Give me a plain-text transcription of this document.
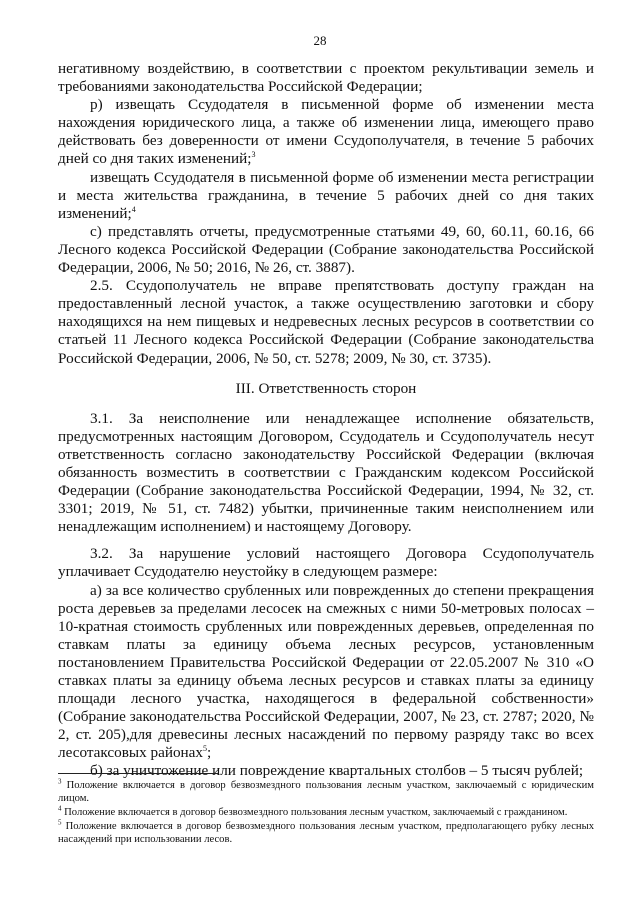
28

негативному воздействию, в соответствии с проектом рекультивации земель и требованиями законодательства Российской Федерации;

р) извещать Ссудодателя в письменной форме об изменении места нахождения юридического лица, а также об изменении лица, имеющего право действовать без доверенности от имени Ссудополучателя, в течение 5 рабочих дней со дня таких изменений;$^3$

извещать Ссудодателя в письменной форме об изменении места регистрации и места жительства гражданина, в течение 5 рабочих дней со дня таких изменений;$^4$

с) представлять отчеты, предусмотренные статьями 49, 60, 60.11, 60.16, 66 Лесного кодекса Российской Федерации (Собрание законодательства Российской Федерации, 2006, № 50; 2016, № 26, ст. 3887).

2.5. Ссудополучатель не вправе препятствовать доступу граждан на предоставленный лесной участок, а также осуществлению заготовки и сбору находящихся на нем пищевых и недревесных лесных ресурсов в соответствии со статьей 11 Лесного кодекса Российской Федерации (Собрание законодательства Российской Федерации, 2006, № 50, ст. 5278; 2009, № 30, ст. 3735).

III. Ответственность сторон

3.1. За неисполнение или ненадлежащее исполнение обязательств, предусмотренных настоящим Договором, Ссудодатель и Ссудополучатель несут ответственность согласно законодательству Российской Федерации (включая обязанность возместить в соответствии с Гражданским кодексом Российской Федерации (Собрание законодательства Российской Федерации, 1994, № 32, ст. 3301; 2019, № 51, ст. 7482) убытки, причиненные таким неисполнением или ненадлежащим исполнением) и настоящему Договору.

3.2. За нарушение условий настоящего Договора Ссудополучатель уплачивает Ссудодателю неустойку в следующем размере:

а) за все количество срубленных или поврежденных до степени прекращения роста деревьев за пределами лесосек на смежных с ними 50-метровых полосах – 10-кратная стоимость срубленных или поврежденных деревьев, определенная по ставкам платы за единицу объема лесных ресурсов, установленным постановлением Правительства Российской Федерации от 22.05.2007 № 310 «О ставках платы за единицу объема лесных ресурсов и ставках платы за единицу площади лесного участка, находящегося в федеральной собственности» (Собрание законодательства Российской Федерации, 2007, № 23, ст. 2787; 2020, № 2, ст. 205),для древесины лесных насаждений по первому разряду такс во всех лесотаксовых районах$^5$;

б) за уничтожение или повреждение квартальных столбов – 5 тысяч рублей;

$^3$ Положение включается в договор безвозмездного пользования лесным участком, заключаемый с юридическим лицом.

$^4$ Положение включается в договор безвозмездного пользования лесным участком, заключаемый с гражданином.

$^5$ Положение включается в договор безвозмездного пользования лесным участком, предполагающего рубку лесных насаждений при использовании лесов.
